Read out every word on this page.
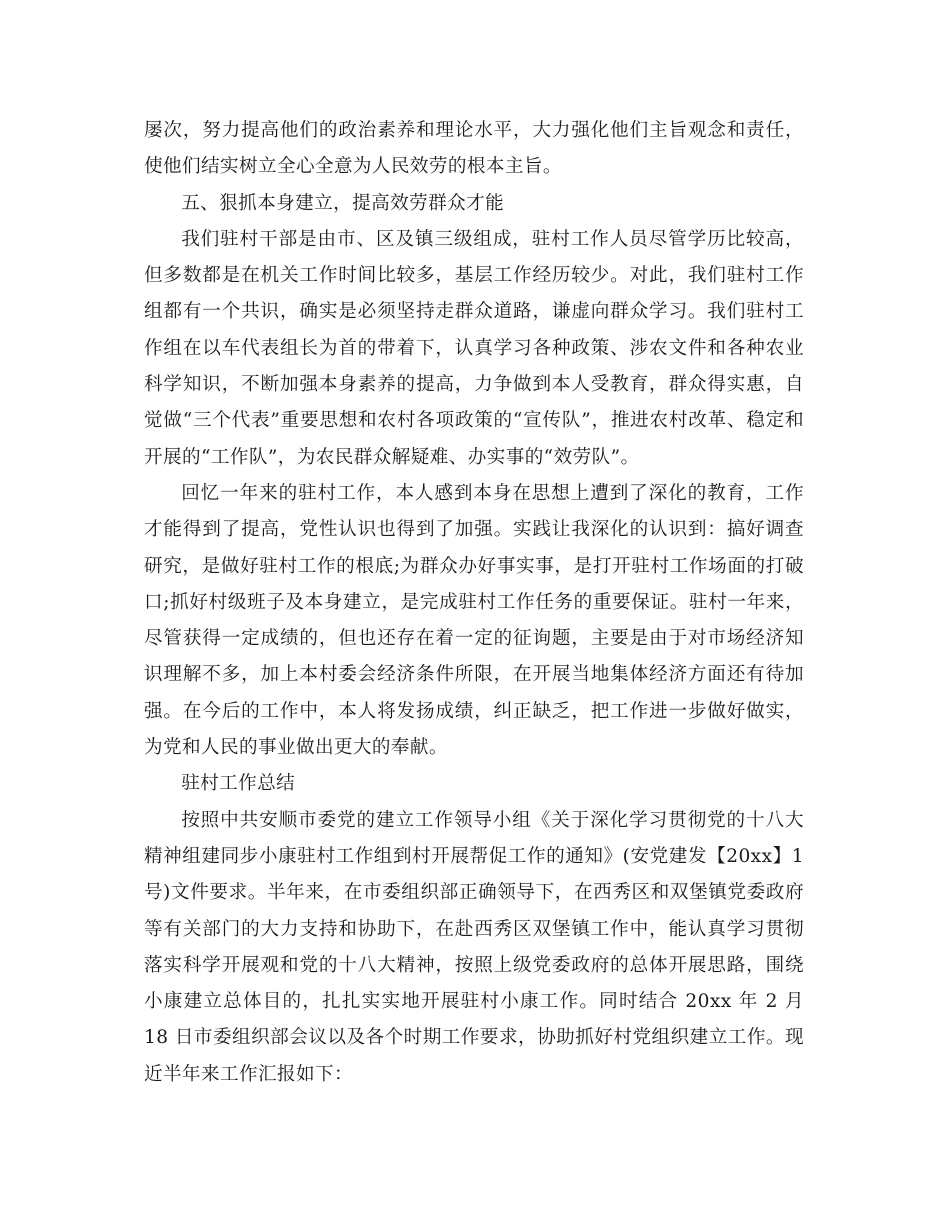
屡次，努力提高他们的政治素养和理论水平，大力强化他们主旨观念和责任，使他们结实树立全心全意为人民效劳的根本主旨。

五、狠抓本身建立，提高效劳群众才能

我们驻村干部是由市、区及镇三级组成，驻村工作人员尽管学历比较高，但多数都是在机关工作时间比较多，基层工作经历较少。对此，我们驻村工作组都有一个共识，确实是必须坚持走群众道路，谦虚向群众学习。我们驻村工作组在以车代表组长为首的带着下，认真学习各种政策、涉农文件和各种农业科学知识，不断加强本身素养的提高，力争做到本人受教育，群众得实惠，自觉做“三个代表”重要思想和农村各项政策的“宣传队”，推进农村改革、稳定和开展的“工作队”，为农民群众解疑难、办实事的“效劳队”。

回忆一年来的驻村工作，本人感到本身在思想上遭到了深化的教育，工作才能得到了提高，党性认识也得到了加强。实践让我深化的认识到：搞好调查研究，是做好驻村工作的根底;为群众办好事实事，是打开驻村工作场面的打破口;抓好村级班子及本身建立，是完成驻村工作任务的重要保证。驻村一年来，尽管获得一定成绩的，但也还存在着一定的征询题，主要是由于对市场经济知识理解不多，加上本村委会经济条件所限，在开展当地集体经济方面还有待加强。在今后的工作中，本人将发扬成绩，纠正缺乏，把工作进一步做好做实，为党和人民的事业做出更大的奉献。

驻村工作总结

按照中共安顺市委党的建立工作领导小组《关于深化学习贯彻党的十八大精神组建同步小康驻村工作组到村开展帮促工作的通知》(安党建发【20xx】1 号)文件要求。半年来，在市委组织部正确领导下，在西秀区和双堡镇党委政府等有关部门的大力支持和协助下，在赴西秀区双堡镇工作中，能认真学习贯彻落实科学开展观和党的十八大精神，按照上级党委政府的总体开展思路，围绕小康建立总体目的，扎扎实实地开展驻村小康工作。同时结合 20xx 年 2 月 18 日市委组织部会议以及各个时期工作要求，协助抓好村党组织建立工作。现近半年来工作汇报如下：
